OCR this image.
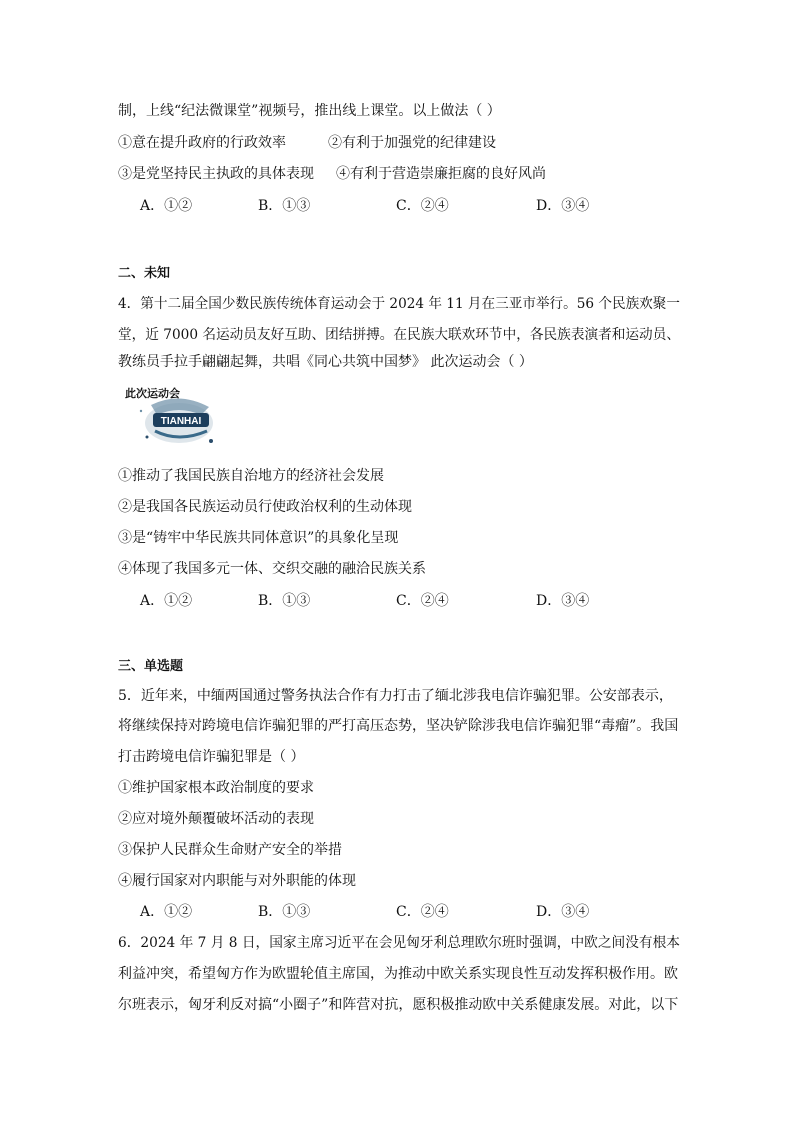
制，上线“纪法微课堂”视频号，推出线上课堂。以上做法（ ）
①意在提升政府的行政效率	②有利于加强党的纪律建设
③是党坚持民主执政的具体表现 ④有利于营造崇廉拒腐的良好风尚
A．①②	B．①③	C．②④	D．③④
二、未知
4．第十二届全国少数民族传统体育运动会于 2024 年 11 月在三亚市举行。56 个民族欢聚一
堂，近 7000 名运动员友好互助、团结拼搏。在民族大联欢环节中，各民族表演者和运动员、
教练员手拉手翩翩起舞，共唱《同心共筑中国梦》 此次运动会（ ）
此次运动会
TIANHAI
①推动了我国民族自治地方的经济社会发展
②是我国各民族运动员行使政治权利的生动体现
③是“铸牢中华民族共同体意识”的具象化呈现
④体现了我国多元一体、交织交融的融洽民族关系
A．①②	B．①③	C．②④	D．③④
三、单选题
5．近年来，中缅两国通过警务执法合作有力打击了缅北涉我电信诈骗犯罪。公安部表示，
将继续保持对跨境电信诈骗犯罪的严打高压态势，坚决铲除涉我电信诈骗犯罪“毒瘤”。我国
打击跨境电信诈骗犯罪是（ ）
①维护国家根本政治制度的要求
②应对境外颠覆破坏活动的表现
③保护人民群众生命财产安全的举措
④履行国家对内职能与对外职能的体现
A．①②	B．①③	C．②④	D．③④
6．2024 年 7 月 8 日，国家主席习近平在会见匈牙利总理欧尔班时强调，中欧之间没有根本
利益冲突，希望匈方作为欧盟轮值主席国，为推动中欧关系实现良性互动发挥积极作用。欧
尔班表示，匈牙利反对搞“小圈子”和阵营对抗，愿积极推动欧中关系健康发展。对此，以下
